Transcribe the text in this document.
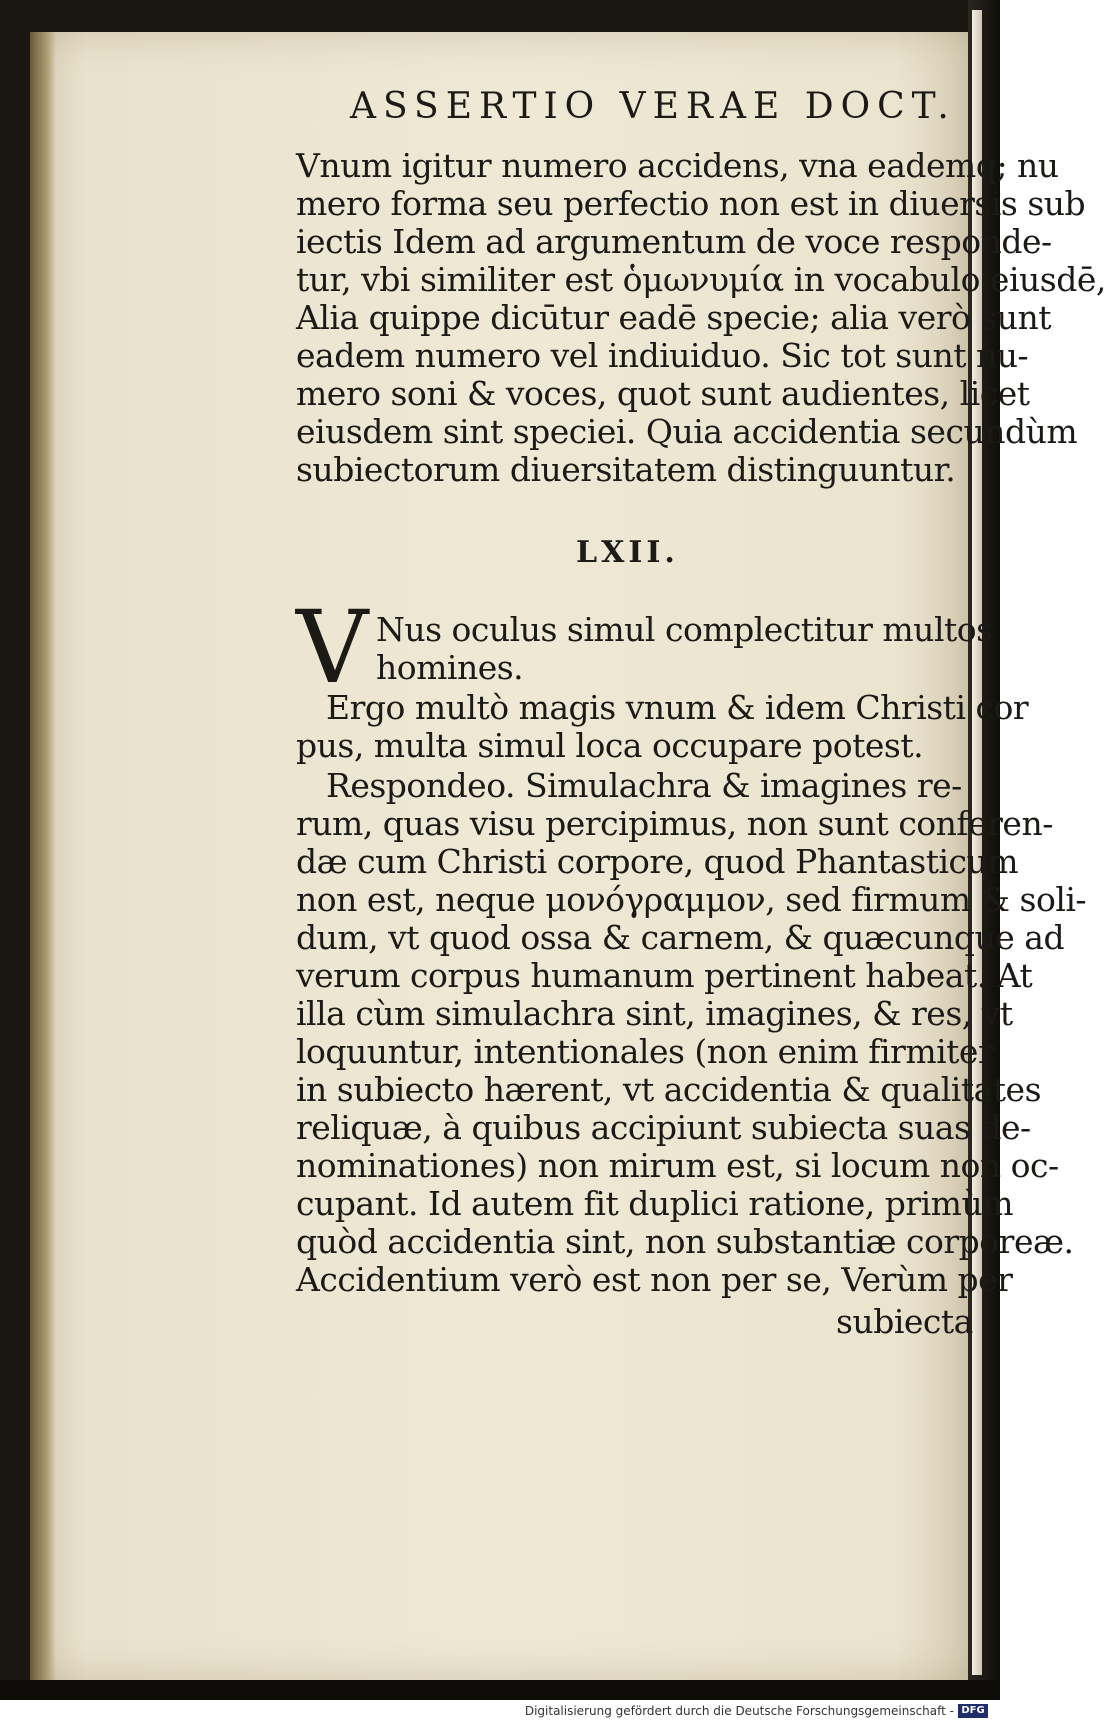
ASSERTIO VERAE DOCT.
Vnum igitur numero accidens, vna eademq; nu
mero forma seu perfectio non est in diuersis sub
iectis Idem ad argumentum de voce responde-
tur, vbi similiter est ὁμωνυμία in vocabulo eiusdē,
Alia quippe dicūtur eadē specie; alia verò sunt
eadem numero vel indiuiduo. Sic tot sunt nu-
mero soni & voces, quot sunt audientes, licet
eiusdem sint speciei. Quia accidentia secundùm
subiectorum diuersitatem distinguuntur.
LXII.
V Nus oculus simul complectitur multos
homines.
Ergo multò magis vnum & idem Christi cor
pus, multa simul loca occupare potest.
Respondeo. Simulachra & imagines re-
rum, quas visu percipimus, non sunt conferen-
dæ cum Christi corpore, quod Phantasticum
non est, neque μονόγραμμον, sed firmum & soli-
dum, vt quod ossa & carnem, & quæcunque ad
verum corpus humanum pertinent habeat. At
illa cùm simulachra sint, imagines, & res, vt
loquuntur, intentionales (non enim firmiter
in subiecto hærent, vt accidentia & qualitates
reliquæ, à quibus accipiunt subiecta suas de-
nominationes) non mirum est, si locum non oc-
cupant. Id autem fit duplici ratione, primùm
quòd accidentia sint, non substantiæ corporeæ.
Accidentium verò est non per se, Verùm per
subiecta
Digitalisierung gefördert durch die Deutsche Forschungsgemeinschaft - DFG
